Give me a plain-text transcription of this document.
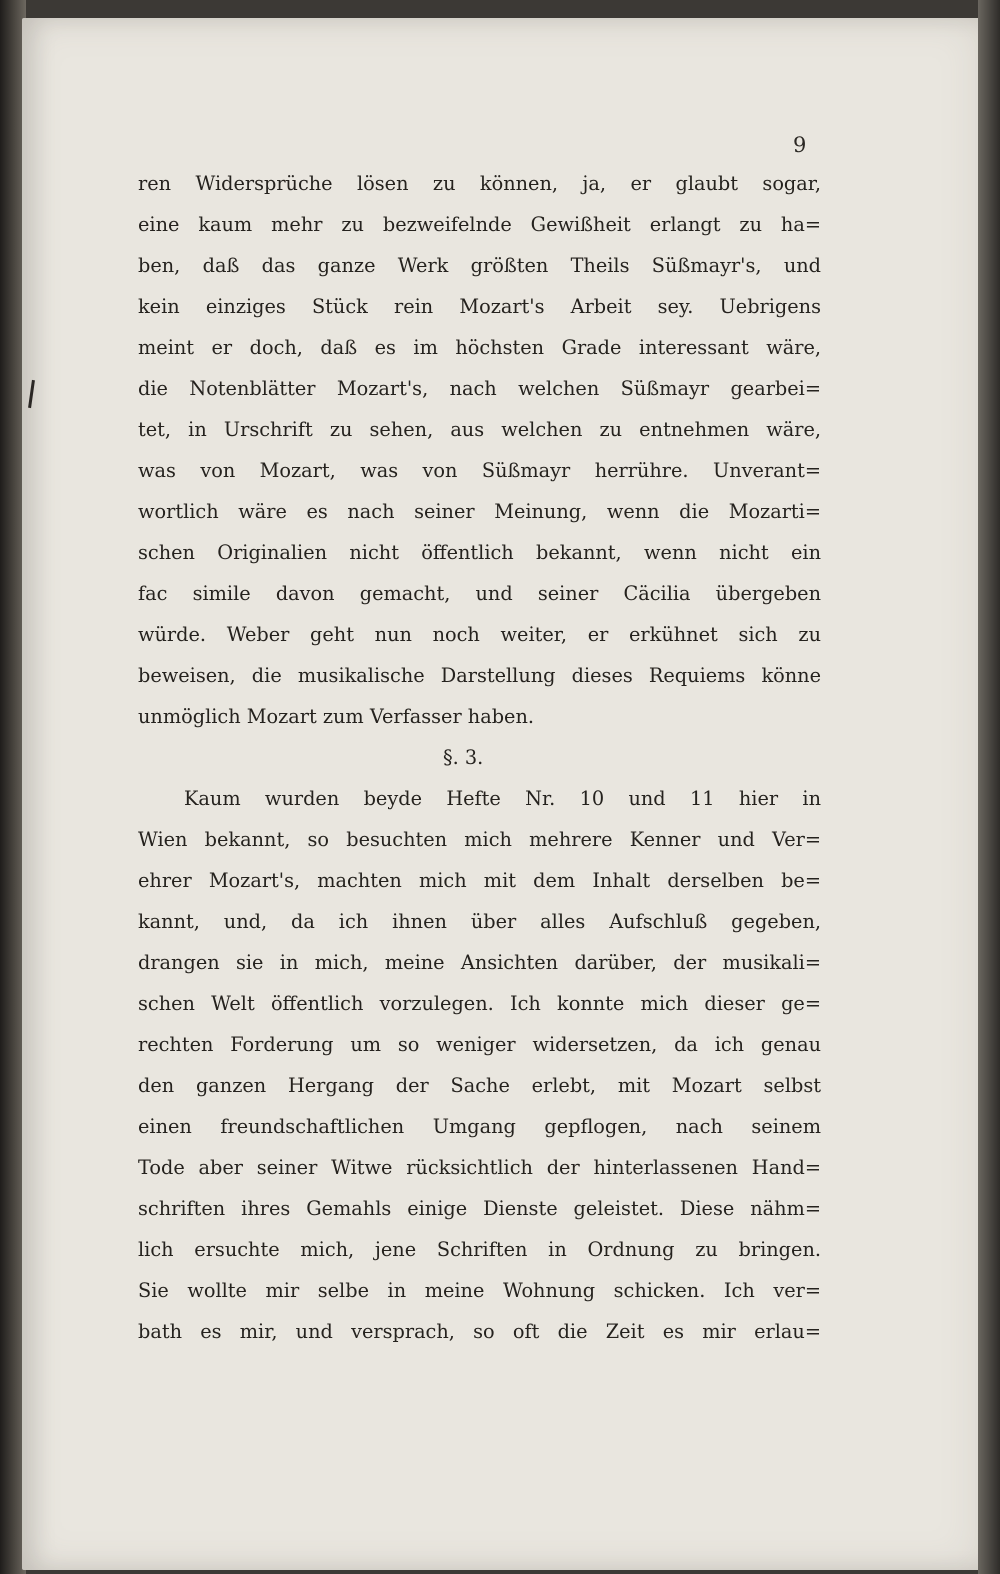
9
ren Widersprüche lösen zu können, ja, er glaubt sogar,
eine kaum mehr zu bezweifelnde Gewißheit erlangt zu ha=
ben, daß das ganze Werk größten Theils Süßmayr's, und
kein einziges Stück rein Mozart's Arbeit sey. Uebrigens
meint er doch, daß es im höchsten Grade interessant wäre,
die Notenblätter Mozart's, nach welchen Süßmayr gearbei=
tet, in Urschrift zu sehen, aus welchen zu entnehmen wäre,
was von Mozart, was von Süßmayr herrühre. Unverant=
wortlich wäre es nach seiner Meinung, wenn die Mozarti=
schen Originalien nicht öffentlich bekannt, wenn nicht ein
fac simile davon gemacht, und seiner Cäcilia übergeben
würde. Weber geht nun noch weiter, er erkühnet sich zu
beweisen, die musikalische Darstellung dieses Requiems könne
unmöglich Mozart zum Verfasser haben.
§. 3.
Kaum wurden beyde Hefte Nr. 10 und 11 hier in
Wien bekannt, so besuchten mich mehrere Kenner und Ver=
ehrer Mozart's, machten mich mit dem Inhalt derselben be=
kannt, und, da ich ihnen über alles Aufschluß gegeben,
drangen sie in mich, meine Ansichten darüber, der musikali=
schen Welt öffentlich vorzulegen. Ich konnte mich dieser ge=
rechten Forderung um so weniger widersetzen, da ich genau
den ganzen Hergang der Sache erlebt, mit Mozart selbst
einen freundschaftlichen Umgang gepflogen, nach seinem
Tode aber seiner Witwe rücksichtlich der hinterlassenen Hand=
schriften ihres Gemahls einige Dienste geleistet. Diese nähm=
lich ersuchte mich, jene Schriften in Ordnung zu bringen.
Sie wollte mir selbe in meine Wohnung schicken. Ich ver=
bath es mir, und versprach, so oft die Zeit es mir erlau=
